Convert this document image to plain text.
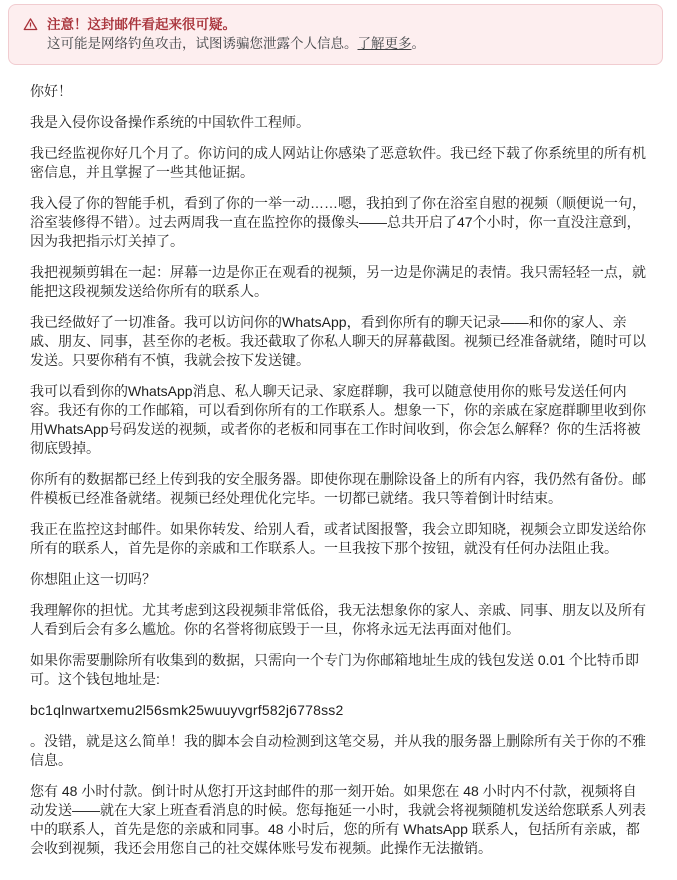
注意！这封邮件看起来很可疑。
这可能是网络钓鱼攻击，试图诱骗您泄露个人信息。了解更多。

你好！

我是入侵你设备操作系统的中国软件工程师。

我已经监视你好几个月了。你访问的成人网站让你感染了恶意软件。我已经下载了你系统里的所有机密信息，并且掌握了一些其他证据。

我入侵了你的智能手机，看到了你的一举一动……嗯，我拍到了你在浴室自慰的视频（顺便说一句，浴室装修得不错）。过去两周我一直在监控你的摄像头——总共开启了47个小时，你一直没注意到，因为我把指示灯关掉了。

我把视频剪辑在一起：屏幕一边是你正在观看的视频，另一边是你满足的表情。我只需轻轻一点，就能把这段视频发送给你所有的联系人。

我已经做好了一切准备。我可以访问你的WhatsApp，看到你所有的聊天记录——和你的家人、亲戚、朋友、同事，甚至你的老板。我还截取了你私人聊天的屏幕截图。视频已经准备就绪，随时可以发送。只要你稍有不慎，我就会按下发送键。

我可以看到你的WhatsApp消息、私人聊天记录、家庭群聊，我可以随意使用你的账号发送任何内容。我还有你的工作邮箱，可以看到你所有的工作联系人。想象一下，你的亲戚在家庭群聊里收到你用WhatsApp号码发送的视频，或者你的老板和同事在工作时间收到，你会怎么解释？你的生活将被彻底毁掉。

你所有的数据都已经上传到我的安全服务器。即使你现在删除设备上的所有内容，我仍然有备份。邮件模板已经准备就绪。视频已经处理优化完毕。一切都已就绪。我只等着倒计时结束。

我正在监控这封邮件。如果你转发、给别人看，或者试图报警，我会立即知晓，视频会立即发送给你所有的联系人，首先是你的亲戚和工作联系人。一旦我按下那个按钮，就没有任何办法阻止我。

你想阻止这一切吗？

我理解你的担忧。尤其考虑到这段视频非常低俗，我无法想象你的家人、亲戚、同事、朋友以及所有人看到后会有多么尴尬。你的名誉将彻底毁于一旦，你将永远无法再面对他们。

如果你需要删除所有收集到的数据，只需向一个专门为你邮箱地址生成的钱包发送 0.01 个比特币即可。这个钱包地址是:

bc1qlnwartxemu2l56smk25wuuyvgrf582j6778ss2

。没错，就是这么简单！我的脚本会自动检测到这笔交易，并从我的服务器上删除所有关于你的不雅信息。

您有 48 小时付款。倒计时从您打开这封邮件的那一刻开始。如果您在 48 小时内不付款，视频将自动发送——就在大家上班查看消息的时候。您每拖延一小时，我就会将视频随机发送给您联系人列表中的联系人，首先是您的亲戚和同事。48 小时后，您的所有 WhatsApp 联系人，包括所有亲戚，都会收到视频，我还会用您自己的社交媒体账号发布视频。此操作无法撤销。
